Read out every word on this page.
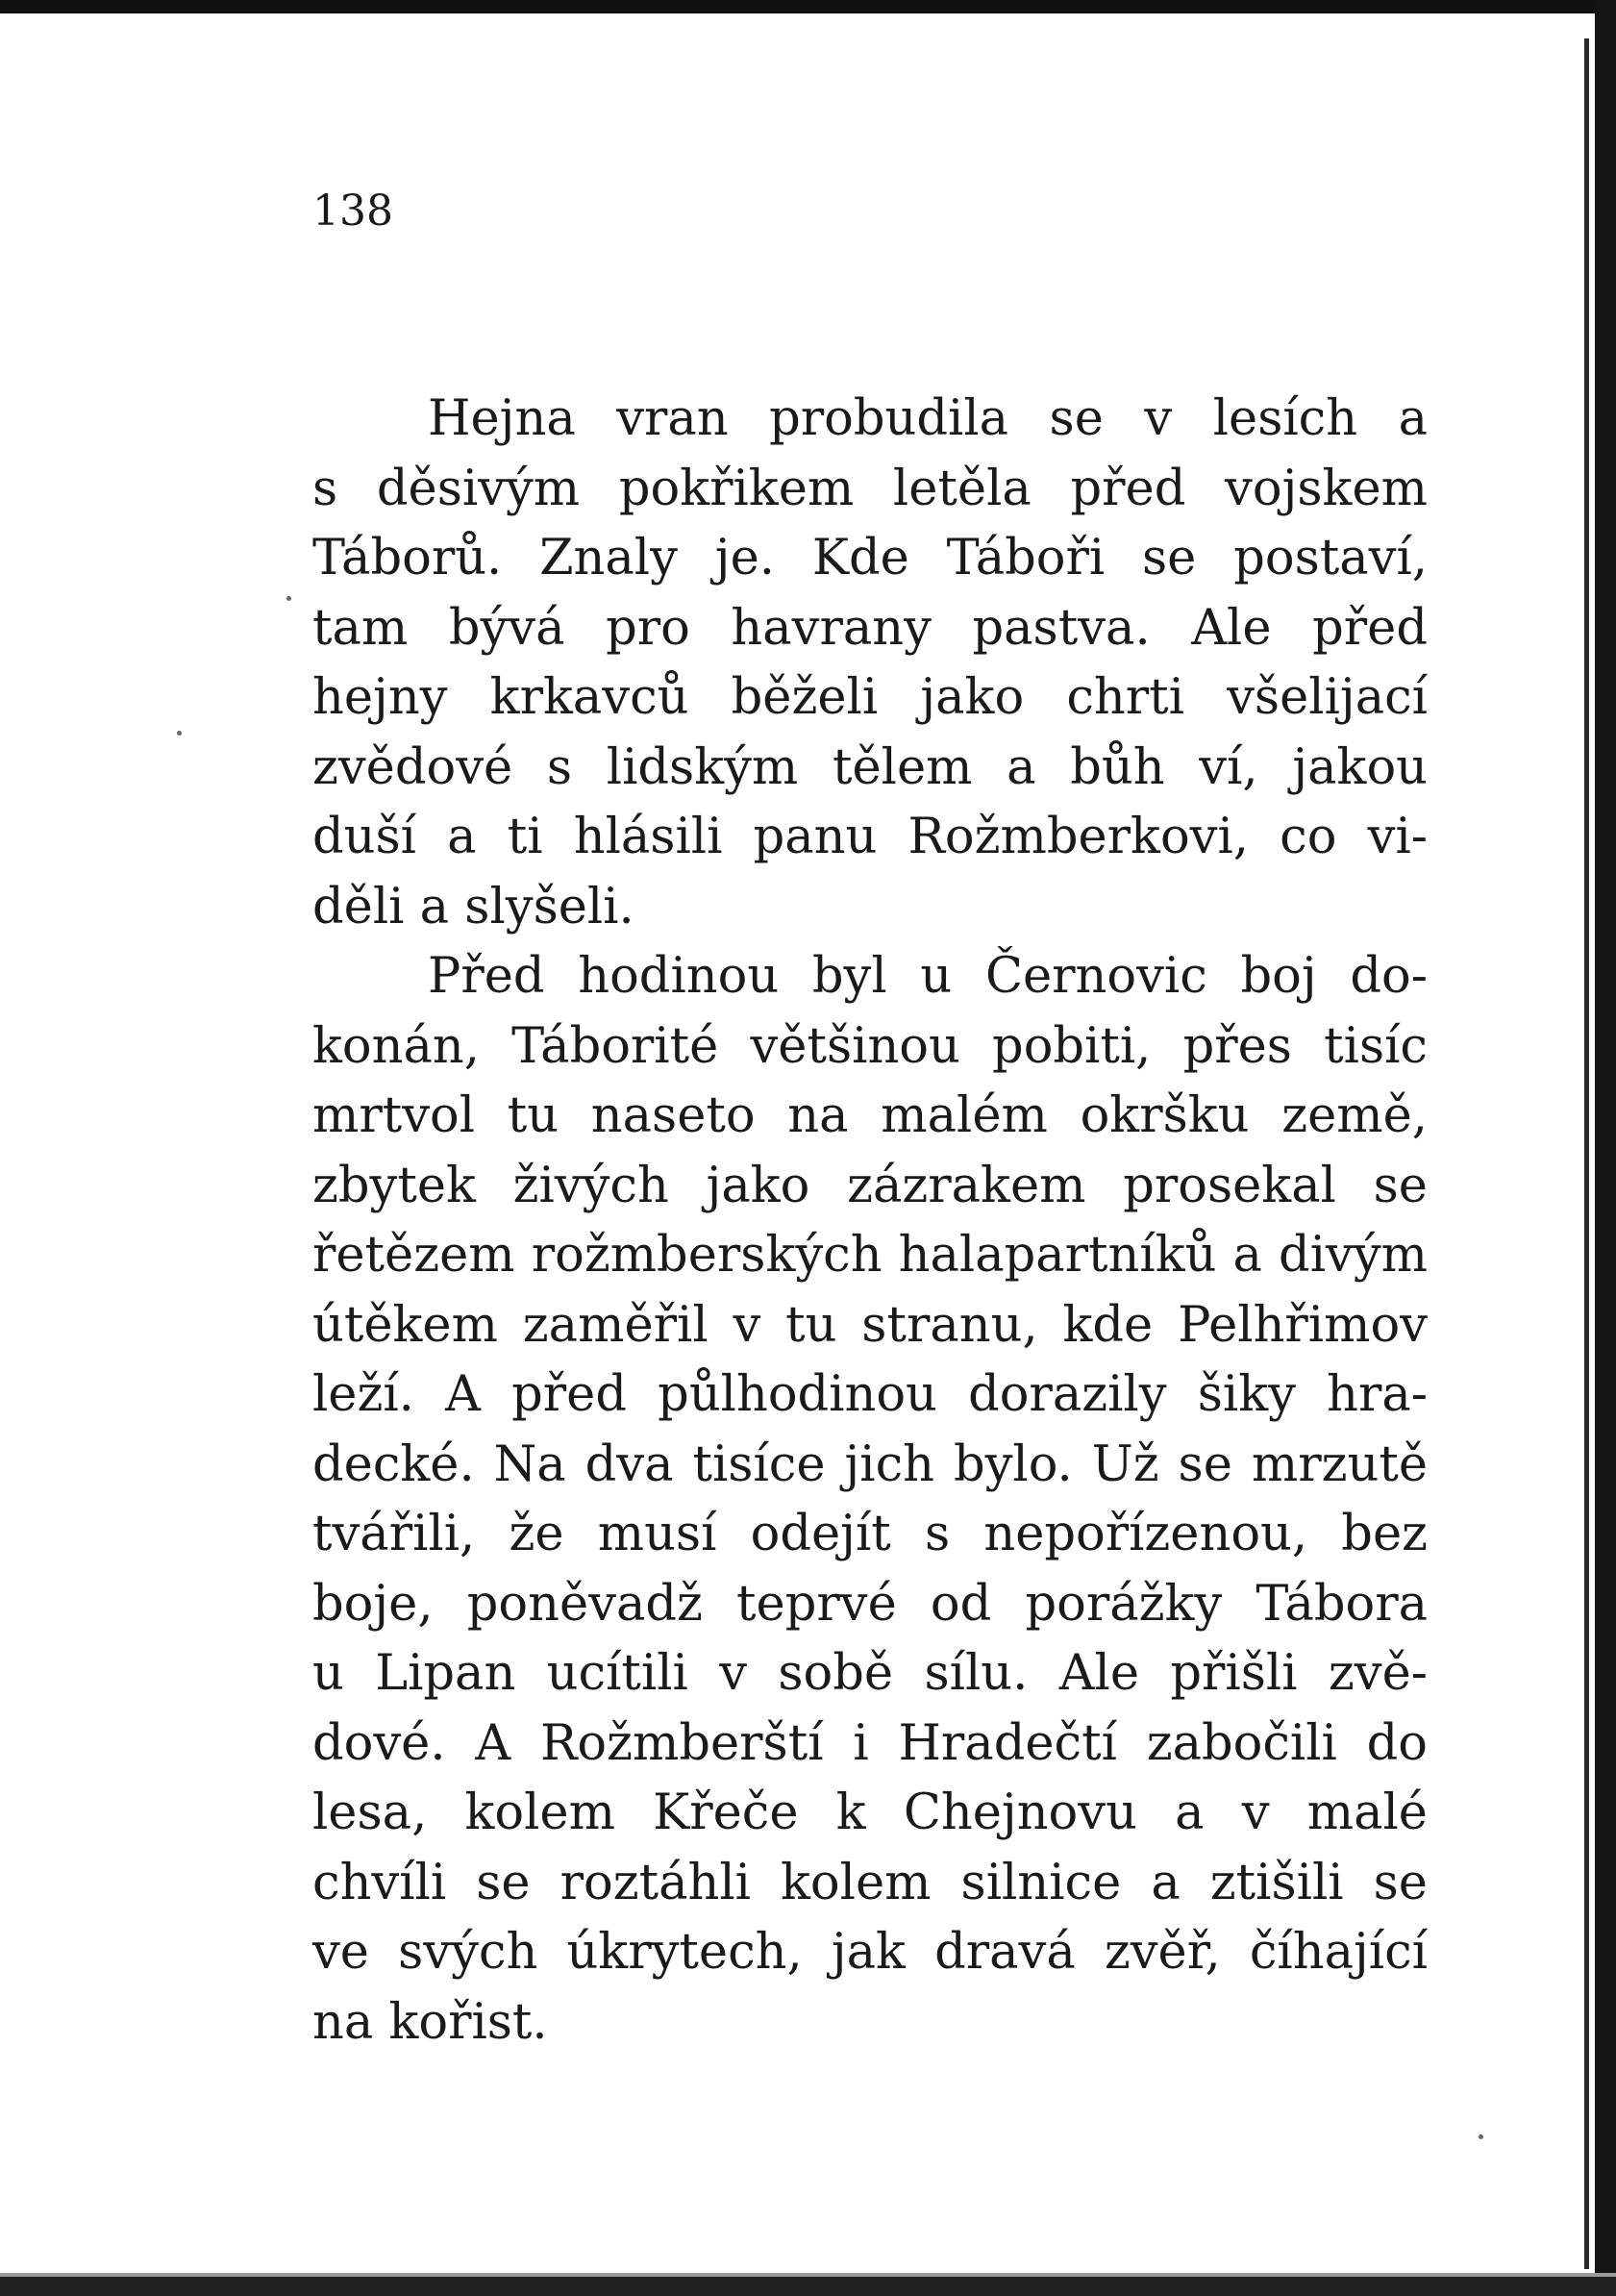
138
Hejna vran probudila se v lesích a
s děsivým pokřikem letěla před vojskem
Táborů. Znaly je. Kde Táboři se postaví,
tam bývá pro havrany pastva. Ale před
hejny krkavců běželi jako chrti všelijací
zvědové s lidským tělem a bůh ví, jakou
duší a ti hlásili panu Rožmberkovi, co vi-
děli a slyšeli.
Před hodinou byl u Černovic boj do-
konán, Táborité většinou pobiti, přes tisíc
mrtvol tu naseto na malém okršku země,
zbytek živých jako zázrakem prosekal se
řetězem rožmberských halapartníků a divým
útěkem zaměřil v tu stranu, kde Pelhřimov
leží. A před půlhodinou dorazily šiky hra-
decké. Na dva tisíce jich bylo. Už se mrzutě
tvářili, že musí odejít s nepořízenou, bez
boje, poněvadž teprvé od porážky Tábora
u Lipan ucítili v sobě sílu. Ale přišli zvě-
dové. A Rožmberští i Hradečtí zabočili do
lesa, kolem Křeče k Chejnovu a v malé
chvíli se roztáhli kolem silnice a ztišili se
ve svých úkrytech, jak dravá zvěř, číhající
na kořist.
